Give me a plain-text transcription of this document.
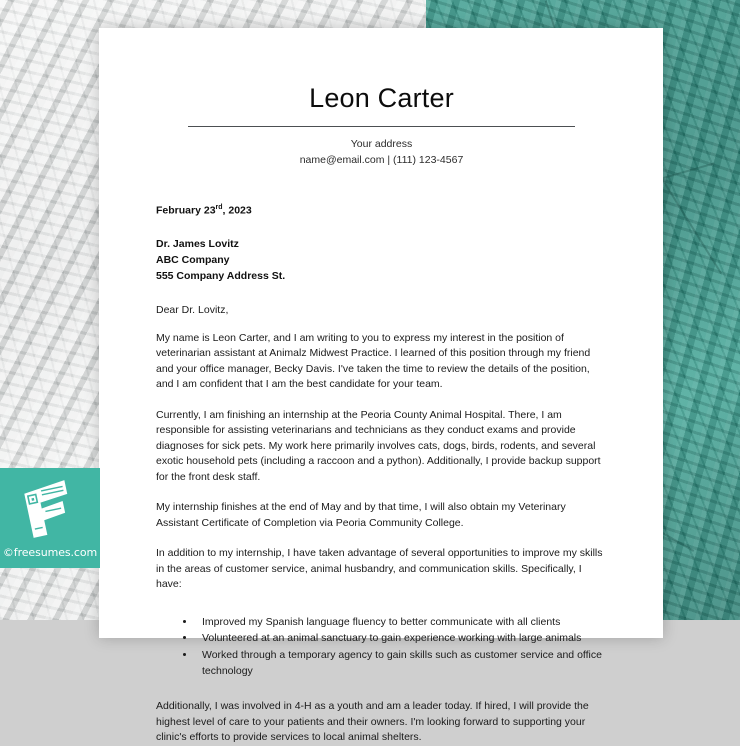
Leon Carter
Your address
name@email.com | (111) 123-4567
February 23rd, 2023
Dr. James Lovitz
ABC Company
555 Company Address St.
Dear Dr. Lovitz,

My name is Leon Carter, and I am writing to you to express my interest in the position of veterinarian assistant at Animalz Midwest Practice. I learned of this position through my friend and your office manager, Becky Davis. I've taken the time to review the details of the position, and I am confident that I am the best candidate for your team.

Currently, I am finishing an internship at the Peoria County Animal Hospital. There, I am responsible for assisting veterinarians and technicians as they conduct exams and provide diagnoses for sick pets. My work here primarily involves cats, dogs, birds, rodents, and several exotic household pets (including a raccoon and a python). Additionally, I provide backup support for the front desk staff.

My internship finishes at the end of May and by that time, I will also obtain my Veterinary Assistant Certificate of Completion via Peoria Community College.

In addition to my internship, I have taken advantage of several opportunities to improve my skills in the areas of customer service, animal husbandry, and communication skills. Specifically, I have:

• Improved my Spanish language fluency to better communicate with all clients
• Volunteered at an animal sanctuary to gain experience working with large animals
• Worked through a temporary agency to gain skills such as customer service and office technology

Additionally, I was involved in 4-H as a youth and am a leader today. If hired, I will provide the highest level of care to your patients and their owners. I'm looking forward to supporting your clinic's efforts to provide services to local animal shelters.

©freesumes.com
